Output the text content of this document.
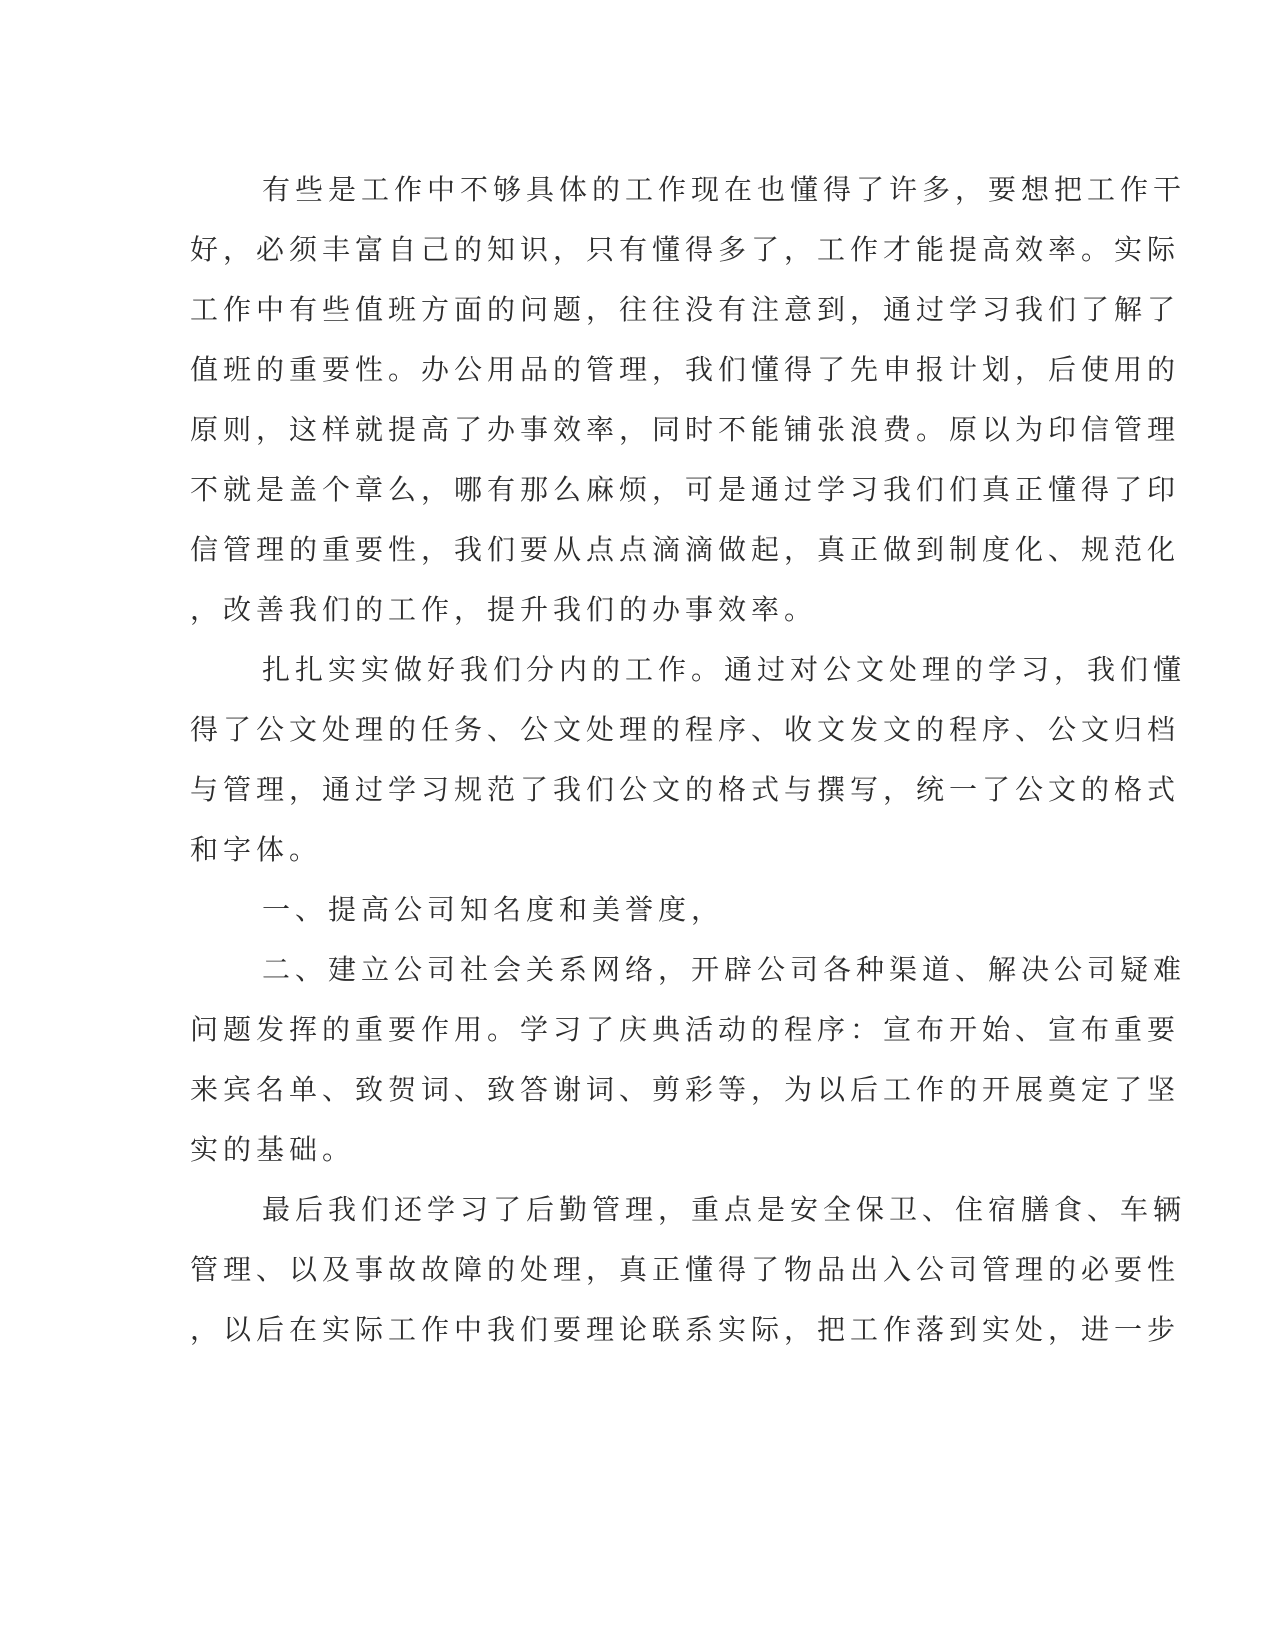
有些是工作中不够具体的工作现在也懂得了许多，要想把工作干
好，必须丰富自己的知识，只有懂得多了，工作才能提高效率。实际
工作中有些值班方面的问题，往往没有注意到，通过学习我们了解了
值班的重要性。办公用品的管理，我们懂得了先申报计划，后使用的
原则，这样就提高了办事效率，同时不能铺张浪费。原以为印信管理
不就是盖个章么，哪有那么麻烦，可是通过学习我们们真正懂得了印
信管理的重要性，我们要从点点滴滴做起，真正做到制度化、规范化
，改善我们的工作，提升我们的办事效率。
扎扎实实做好我们分内的工作。通过对公文处理的学习，我们懂
得了公文处理的任务、公文处理的程序、收文发文的程序、公文归档
与管理，通过学习规范了我们公文的格式与撰写，统一了公文的格式
和字体。
一、提高公司知名度和美誉度，
二、建立公司社会关系网络，开辟公司各种渠道、解决公司疑难
问题发挥的重要作用。学习了庆典活动的程序：宣布开始、宣布重要
来宾名单、致贺词、致答谢词、剪彩等，为以后工作的开展奠定了坚
实的基础。
最后我们还学习了后勤管理，重点是安全保卫、住宿膳食、车辆
管理、以及事故故障的处理，真正懂得了物品出入公司管理的必要性
，以后在实际工作中我们要理论联系实际，把工作落到实处，进一步
